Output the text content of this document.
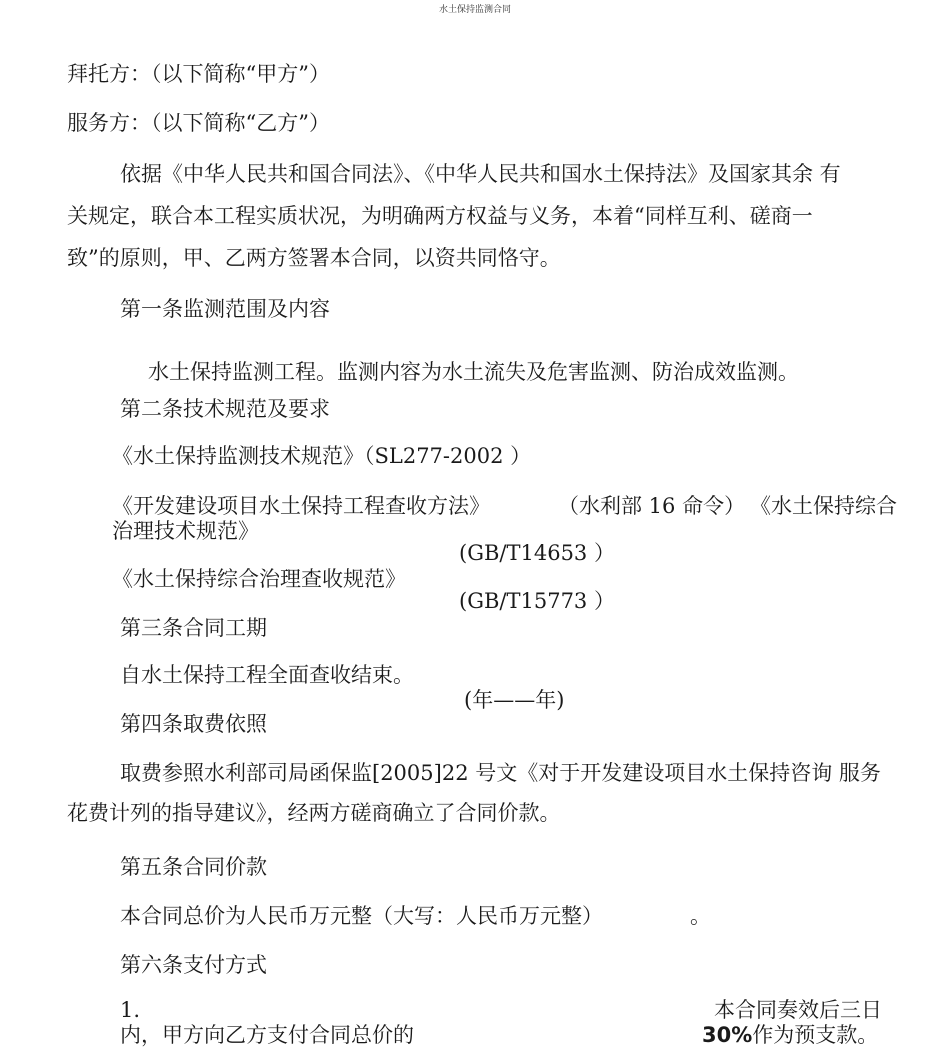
水土保持监测合同
拜托方：（以下简称“甲方”）
服务方：（以下简称“乙方”）
依据《中华人民共和国合同法》、《中华人民共和国水土保持法》及国家其余 有
关规定，联合本工程实质状况，为明确两方权益与义务，本着“同样互利、磋商一
致”的原则，甲、乙两方签署本合同，以资共同恪守。
第一条监测范围及内容
水土保持监测工程。监测内容为水土流失及危害监测、防治成效监测。
第二条技术规范及要求
《水土保持监测技术规范》（SL277-2002 ）
《开发建设项目水土保持工程查收方法》	（水利部 16 命令） 《水土保持综合
治理技术规范》
(GB/T14653 ）
《水土保持综合治理查收规范》
(GB/T15773 ）
第三条合同工期
自水土保持工程全面查收结束。
(年——年)
第四条取费依照
取费参照水利部司局函保监[2005]22 号文《对于开发建设项目水土保持咨询 服务
花费计列的指导建议》，经两方磋商确立了合同价款。
第五条合同价款
本合同总价为人民币万元整（大写：人民币万元整）	。
第六条支付方式
1.	本合同奏效后三日
内，甲方向乙方支付合同总价的	30%作为预支款。
